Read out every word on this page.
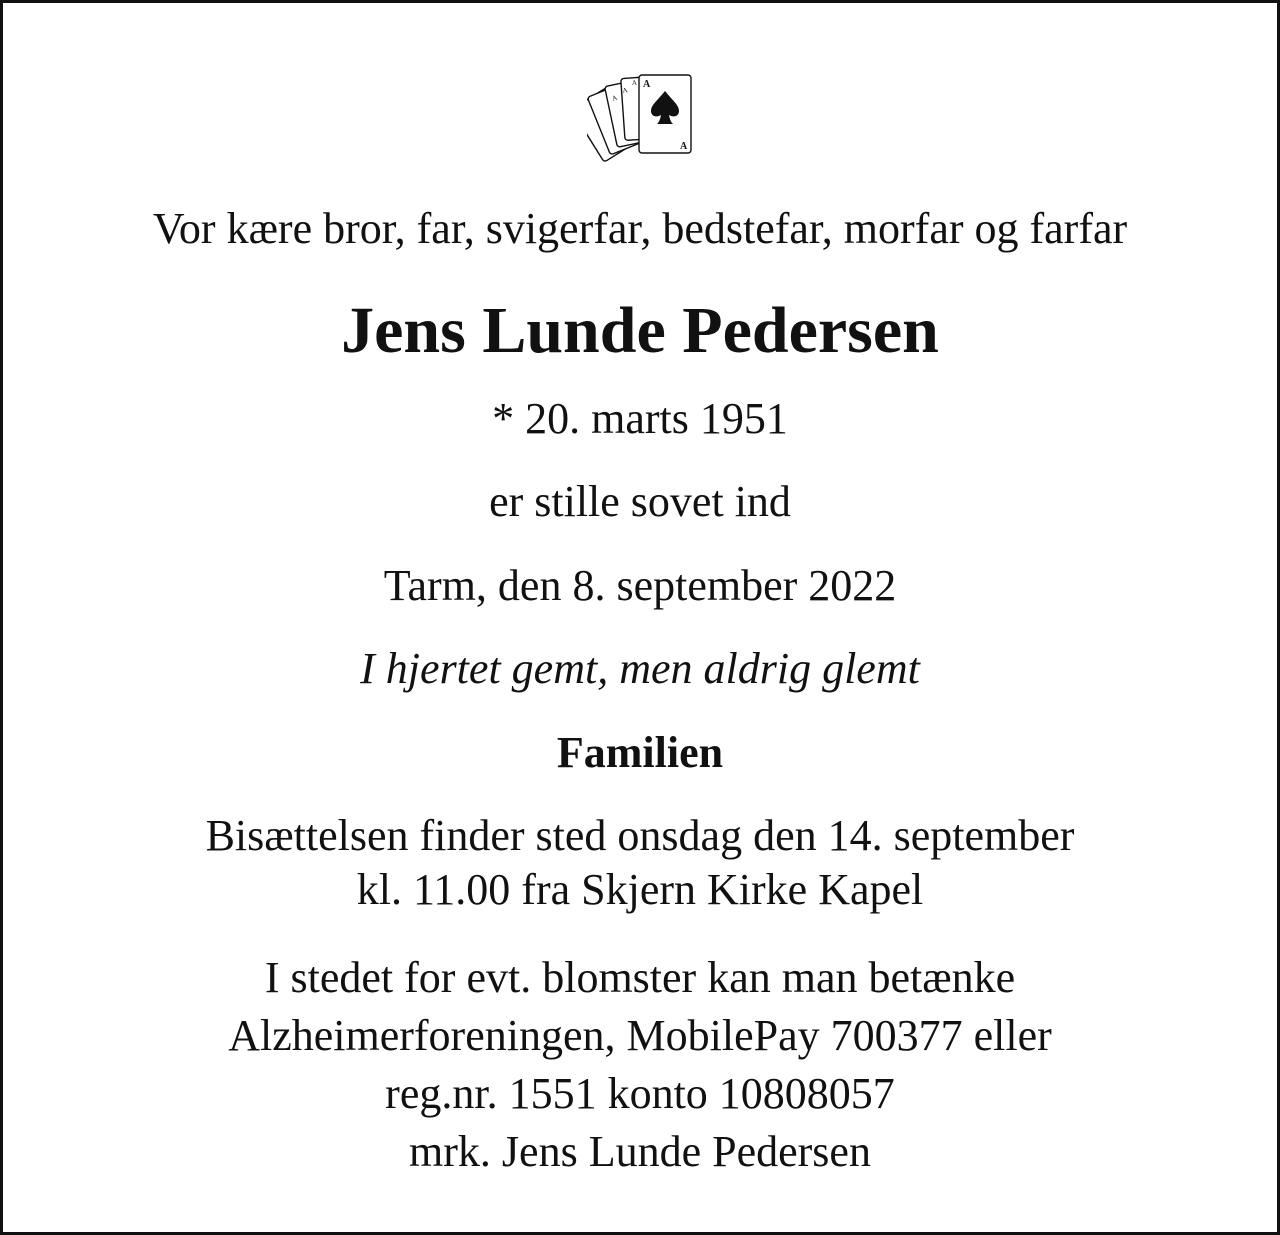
A
A
A
A
A
Vor kære bror, far, svigerfar, bedstefar, morfar og farfar
Jens Lunde Pedersen
* 20. marts 1951
er stille sovet ind
Tarm, den 8. september 2022
I hjertet gemt, men aldrig glemt
Familien
Bisættelsen finder sted onsdag den 14. september
kl. 11.00 fra Skjern Kirke Kapel
I stedet for evt. blomster kan man betænke
Alzheimerforeningen, MobilePay 700377 eller
reg.nr. 1551 konto 10808057
mrk. Jens Lunde Pedersen
